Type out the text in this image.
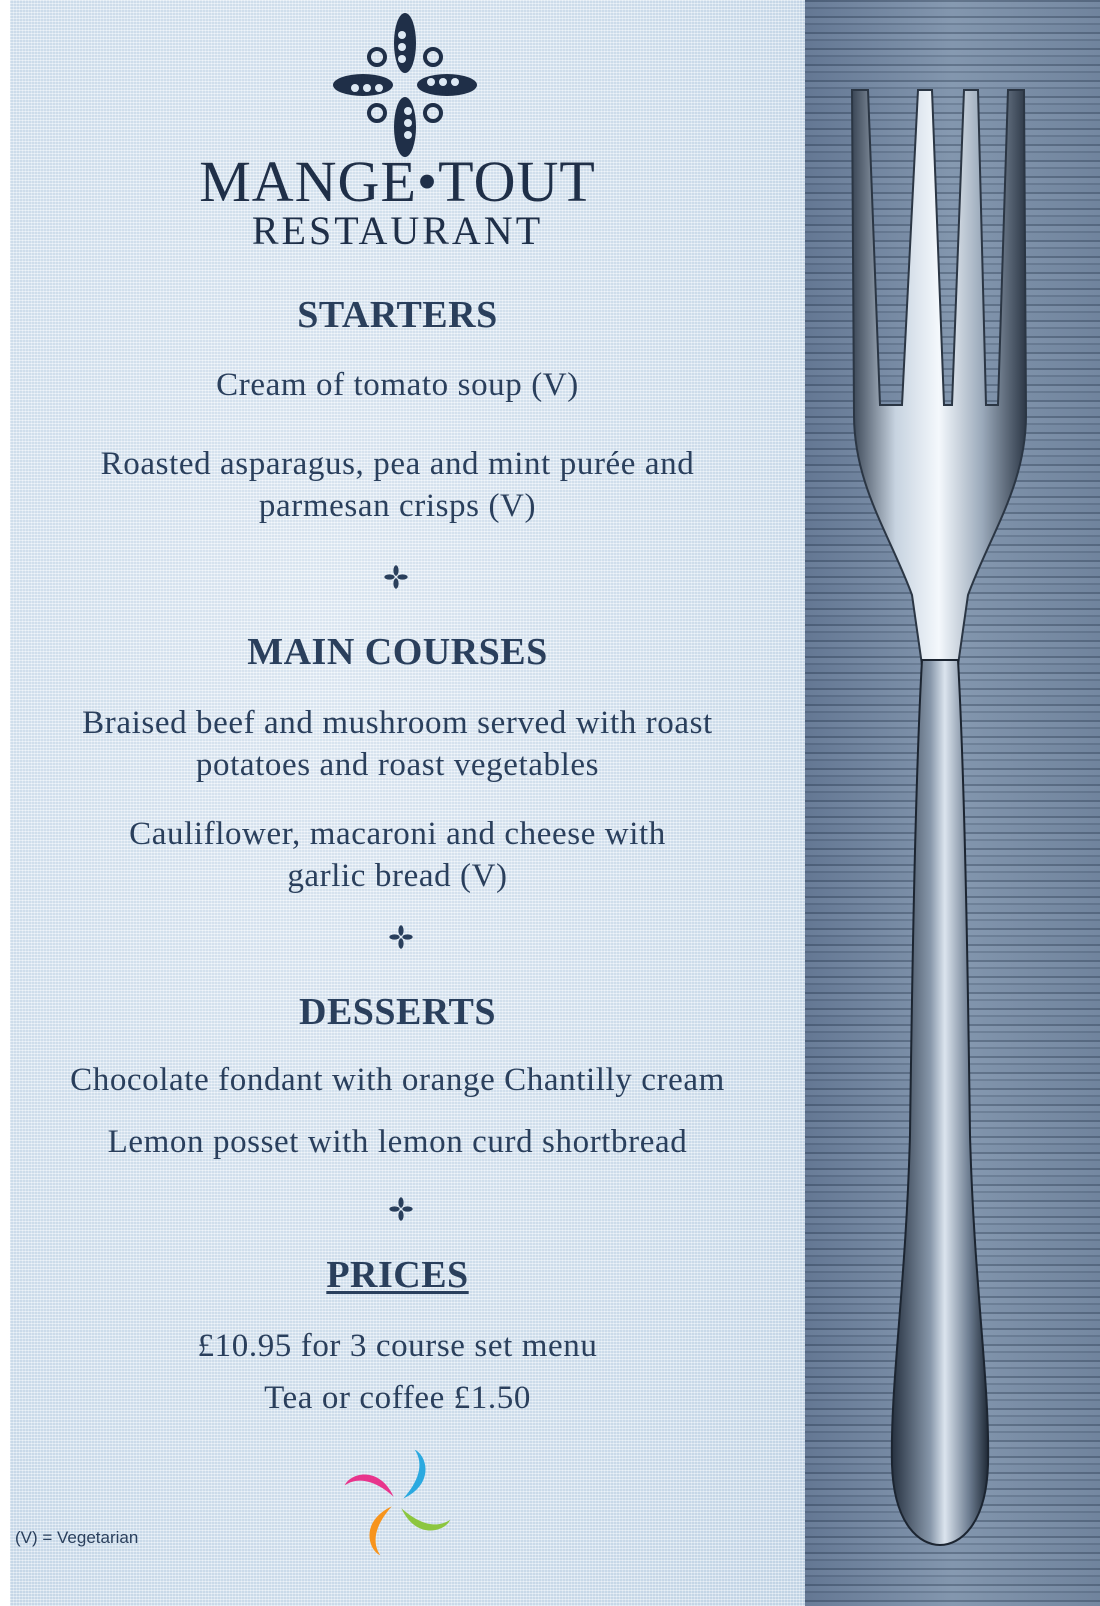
MANGE•TOUT
RESTAURANT
STARTERS
Cream of tomato soup (V)
Roasted asparagus, pea and mint purée and parmesan crisps (V)
MAIN COURSES
Braised beef and mushroom served with roast potatoes and roast vegetables
Cauliflower, macaroni and cheese with garlic bread (V)
DESSERTS
Chocolate fondant with orange Chantilly cream
Lemon posset with lemon curd shortbread
PRICES
£10.95 for 3 course set menu
Tea or coffee £1.50
(V) = Vegetarian
